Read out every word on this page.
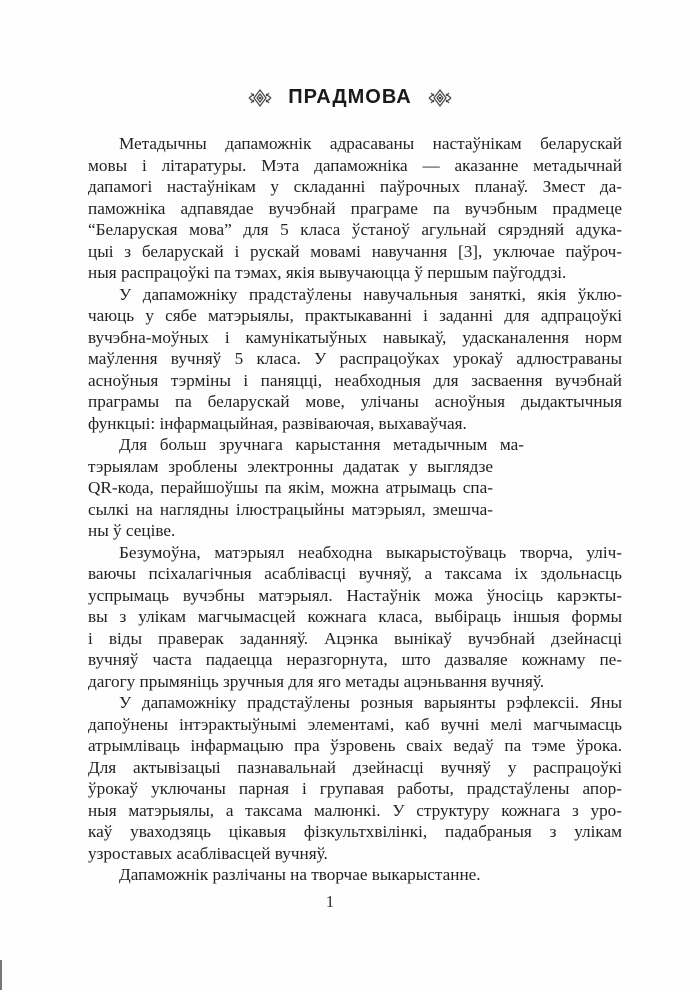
ПРАДМОВА
Метадычны дапаможнік адрасаваны настаўнікам беларускай
мовы і літаратуры. Мэта дапаможніка — аказанне метадычнай
дапамогі настаўнікам у складанні паўрочных планаў. Змест да-
паможніка адпавядае вучэбнай праграме па вучэбным прадмеце
“Беларуская мова” для 5 класа ўстаноў агульнай сярэдняй адука-
цыі з беларускай і рускай мовамі навучання [3], уключае паўроч-
ныя распрацоўкі па тэмах, якія вывучаюцца ў першым паўгоддзі.
У дапаможніку прадстаўлены навучальныя заняткі, якія ўклю-
чаюць у сябе матэрыялы, практыкаванні і заданні для адпрацоўкі
вучэбна-моўных і камунікатыўных навыкаў, удасканалення норм
маўлення вучняў 5 класа. У распрацоўках урокаў адлюстраваны
асноўныя тэрміны і паняцці, неабходныя для засваення вучэбнай
праграмы па беларускай мове, улічаны асноўныя дыдактычныя
функцыі: інфармацыйная, развіваючая, выхаваўчая.
Для больш зручнага карыстання метадычным ма-
тэрыялам зроблены электронны дадатак у выглядзе
QR-кода, перайшоўшы па якім, можна атрымаць спа-
сылкі на наглядны ілюстрацыйны матэрыял, змешча-
ны ў сеціве.
Безумоўна, матэрыял неабходна выкарыстоўваць творча, уліч-
ваючы псіхалагічныя асаблівасці вучняў, а таксама іх здольнасць
успрымаць вучэбны матэрыял. Настаўнік можа ўносіць карэкты-
вы з улікам магчымасцей кожнага класа, выбіраць іншыя формы
і віды праверак заданняў. Ацэнка вынікаў вучэбнай дзейнасці
вучняў часта падаецца неразгорнута, што дазваляе кожнаму пе-
дагогу прымяніць зручныя для яго метады ацэньвання вучняў.
У дапаможніку прадстаўлены розныя варыянты рэфлексіі. Яны
дапоўнены інтэрактыўнымі элементамі, каб вучні мелі магчымасць
атрымліваць інфармацыю пра ўзровень сваіх ведаў па тэме ўрока.
Для актывізацыі пазнавальнай дзейнасці вучняў у распрацоўкі
ўрокаў уключаны парная і групавая работы, прадстаўлены апор-
ныя матэрыялы, а таксама малюнкі. У структуру кожнага з уро-
каў уваходзяць цікавыя фізкультхвілінкі, падабраныя з улікам
узроставых асаблівасцей вучняў.
Дапаможнік разлічаны на творчае выкарыстанне.
1
